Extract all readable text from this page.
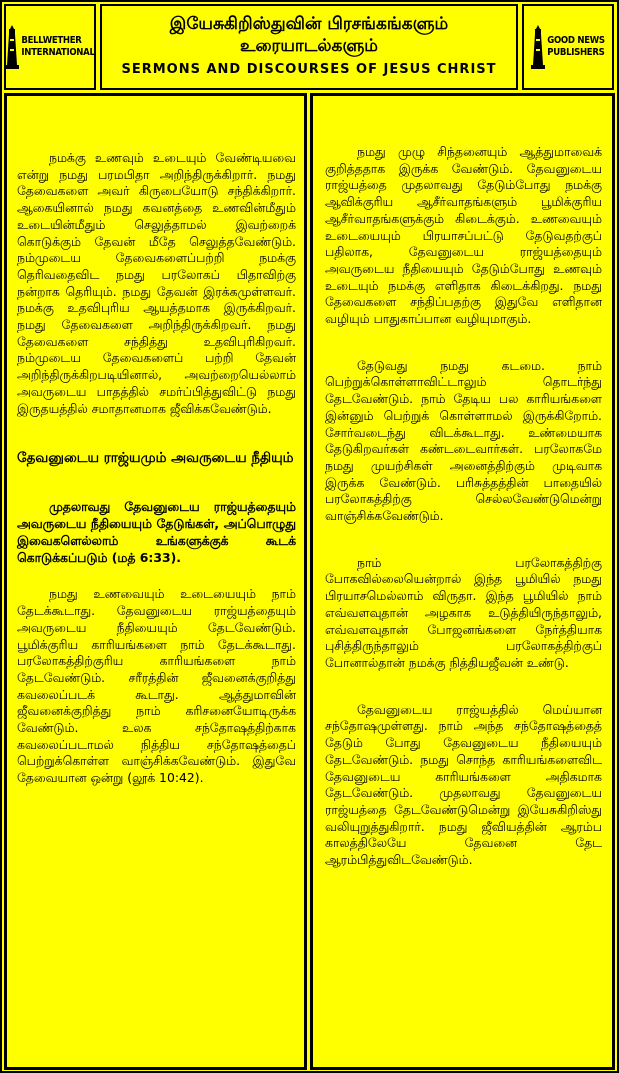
BELLWETHER
INTERNATIONAL
இயேசுகிறிஸ்துவின் பிரசங்கங்களும்
உரையாடல்களும்
SERMONS AND DISCOURSES OF JESUS CHRIST
GOOD NEWS
PUBLISHERS

நமக்கு உணவும் உடையும் வேண்டியவை என்று நமது பரமபிதா அறிந்திருக்கிறார். நமது தேவைகளை அவர் கிருபையோடு சந்திக்கிறார். ஆகையினால் நமது கவனத்தை உணவின்மீதும் உடையின்மீதும் செலுத்தாமல் இவற்றைக் கொடுக்கும் தேவன் மீதே செலுத்தவேண்டும். நம்முடைய தேவைகளைப்பற்றி நமக்கு தெரிவதைவிட நமது பரலோகப் பிதாவிற்கு நன்றாக தெரியும். நமது தேவன் இரக்கமுள்ளவர். நமக்கு உதவிபுரிய ஆயத்தமாக இருக்கிறவர். நமது தேவைகளை அறிந்திருக்கிறவர். நமது தேவைகளை சந்தித்து உதவிபுரிகிறவர். நம்முடைய தேவைகளைப் பற்றி தேவன் அறிந்திருக்கிறபடியினால், அவற்றையெல்லாம் அவருடைய பாதத்தில் சமர்ப்பித்துவிட்டு நமது இருதயத்தில் சமாதானமாக ஜீவிக்கவேண்டும்.

தேவனுடைய ராஜ்யமும் அவருடைய நீதியும்

முதலாவது தேவனுடைய ராஜ்யத்தையும் அவருடைய நீதியையும் தேடுங்கள், அப்பொழுது இவைகளெல்லாம் உங்களுக்குக் கூடக் கொடுக்கப்படும் (மத் 6:33).

நமது உணவையும் உடையையும் நாம் தேடக்கூடாது. தேவனுடைய ராஜ்யத்தையும் அவருடைய நீதியையும் தேடவேண்டும். பூமிக்குரிய காரியங்களை நாம் தேடக்கூடாது. பரலோகத்திற்குரிய காரியங்களை நாம் தேடவேண்டும். சரீரத்தின் ஜீவனைக்குறித்து கவலைப்படக் கூடாது. ஆத்துமாவின் ஜீவனைக்குறித்து நாம் கரிசனையோடிருக்க வேண்டும். உலக சந்தோஷத்திற்காக கவலைப்படாமல் நித்திய சந்தோஷத்தைப் பெற்றுக்கொள்ள வாஞ்சிக்கவேண்டும். இதுவே தேவையான ஒன்று (லூக் 10:42).

நமது முழு சிந்தனையும் ஆத்துமாவைக் குறித்ததாக இருக்க வேண்டும். தேவனுடைய ராஜ்யத்தை முதலாவது தேடும்போது நமக்கு ஆவிக்குரிய ஆசீர்வாதங்களும் பூமிக்குரிய ஆசீர்வாதங்களுக்கும் கிடைக்கும். உணவையும் உடையையும் பிரயாசப்பட்டு தேடுவதற்குப் பதிலாக, தேவனுடைய ராஜ்யத்தையும் அவருடைய நீதியையும் தேடும்போது உணவும் உடையும் நமக்கு எளிதாக கிடைக்கிறது. நமது தேவைகளை சந்திப்பதற்கு இதுவே எளிதான வழியும் பாதுகாப்பான வழியுமாகும்.

தேடுவது நமது கடமை. நாம் பெற்றுக்கொள்ளாவிட்டாலும் தொடர்ந்து தேடவேண்டும். நாம் தேடிய பல காரியங்களை இன்னும் பெற்றுக் கொள்ளாமல் இருக்கிறோம். சோர்வடைந்து விடக்கூடாது. உண்மையாக தேடுகிறவர்கள் கண்டடைவார்கள். பரலோகமே நமது முயற்சிகள் அனைத்திற்கும் முடிவாக இருக்க வேண்டும். பரிசுத்தத்தின் பாதையில் பரலோகத்திற்கு செல்லவேண்டுமென்று வாஞ்சிக்கவேண்டும்.

நாம் பரலோகத்திற்கு போகவில்லையென்றால் இந்த பூமியில் நமது பிரயாசமெல்லாம் விருதா. இந்த பூமியில் நாம் எவ்வளவுதான் அழகாக உடுத்தியிருந்தாலும், எவ்வளவுதான் போஜனங்களை நேர்த்தியாக புசித்திருந்தாலும் பரலோகத்திற்குப் போனால்தான் நமக்கு நித்தியஜீவன் உண்டு.

தேவனுடைய ராஜ்யத்தில் மெய்யான சந்தோஷமுள்ளது. நாம் அந்த சந்தோஷத்தைத் தேடும் போது தேவனுடைய நீதியையும் தேடவேண்டும். நமது சொந்த காரியங்களைவிட தேவனுடைய காரியங்களை அதிகமாக தேடவேண்டும். முதலாவது தேவனுடைய ராஜ்யத்தை தேடவேண்டுமென்று இயேசுகிறிஸ்து வலியுறுத்துகிறார். நமது ஜீவியத்தின் ஆரம்ப காலத்திலேயே தேவனை தேட ஆரம்பித்துவிடவேண்டும்.
